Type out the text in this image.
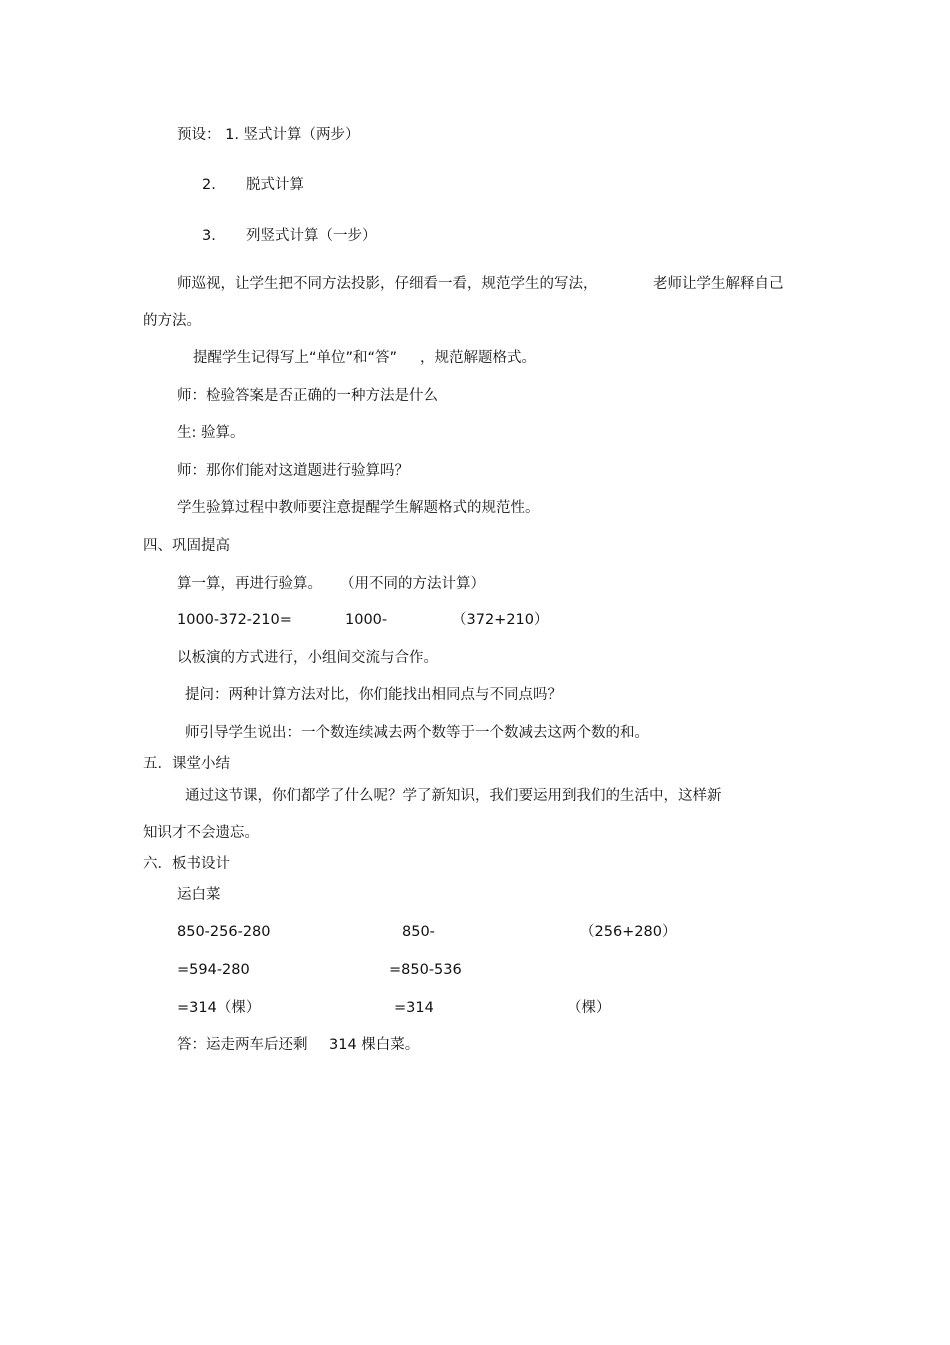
预设： 1. 竖式计算（两步）
2. 脱式计算
3. 列竖式计算（一步）
师巡视，让学生把不同方法投影，仔细看一看，规范学生的写法，	老师让学生解释自己
的方法。
提醒学生记得写上“单位”和“答” ，规范解题格式。
师：检验答案是否正确的一种方法是什么
生: 验算。
师：那你们能对这道题进行验算吗？
学生验算过程中教师要注意提醒学生解题格式的规范性。
四、巩固提高
算一算，再进行验算。 （用不同的方法计算）
1000-372-210=	1000-	（372+210）
以板演的方式进行，小组间交流与合作。
提问：两种计算方法对比，你们能找出相同点与不同点吗？
师引导学生说出：一个数连续减去两个数等于一个数减去这两个数的和。
五．课堂小结
通过这节课，你们都学了什么呢？学了新知识，我们要运用到我们的生活中，这样新
知识才不会遗忘。
六．板书设计
运白菜
850-256-280	850-	（256+280）
=594-280	=850-536
=314（棵）	=314	（棵）
答：运走两车后还剩 314 棵白菜。
